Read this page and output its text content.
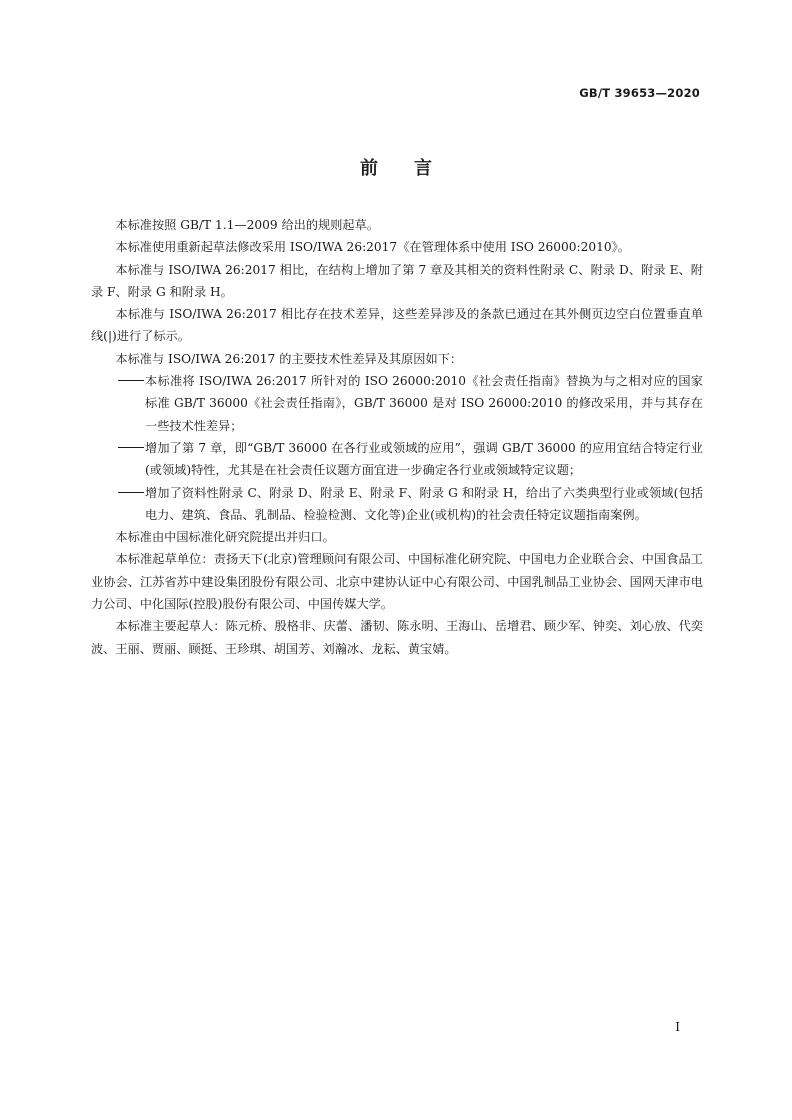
GB/T 39653—2020
前言

本标准按照 GB/T 1.1—2009 给出的规则起草。

本标准使用重新起草法修改采用 ISO/IWA 26:2017《在管理体系中使用 ISO 26000:2010》。

本标准与 ISO/IWA 26:2017 相比，在结构上增加了第 7 章及其相关的资料性附录 C、附录 D、附录 E、附录 F、附录 G 和附录 H。

本标准与 ISO/IWA 26:2017 相比存在技术差异，这些差异涉及的条款已通过在其外侧页边空白位置垂直单线(|)进行了标示。

本标准与 ISO/IWA 26:2017 的主要技术性差异及其原因如下：

本标准将 ISO/IWA 26:2017 所针对的 ISO 26000:2010《社会责任指南》替换为与之相对应的国家标准 GB/T 36000《社会责任指南》，GB/T 36000 是对 ISO 26000:2010 的修改采用，并与其存在一些技术性差异；

增加了第 7 章，即“GB/T 36000 在各行业或领域的应用”，强调 GB/T 36000 的应用宜结合特定行业(或领域)特性，尤其是在社会责任议题方面宜进一步确定各行业或领域特定议题；

增加了资料性附录 C、附录 D、附录 E、附录 F、附录 G 和附录 H，给出了六类典型行业或领域(包括电力、建筑、食品、乳制品、检验检测、文化等)企业(或机构)的社会责任特定议题指南案例。

本标准由中国标准化研究院提出并归口。

本标准起草单位：责扬天下(北京)管理顾问有限公司、中国标准化研究院、中国电力企业联合会、中国食品工业协会、江苏省苏中建设集团股份有限公司、北京中建协认证中心有限公司、中国乳制品工业协会、国网天津市电力公司、中化国际(控股)股份有限公司、中国传媒大学。

本标准主要起草人：陈元桥、殷格非、庆蕾、潘韧、陈永明、王海山、岳增君、顾少军、钟奕、刘心放、代奕波、王丽、贾丽、顾挺、王珍琪、胡国芳、刘瀚冰、龙耘、黄宝婧。

I
